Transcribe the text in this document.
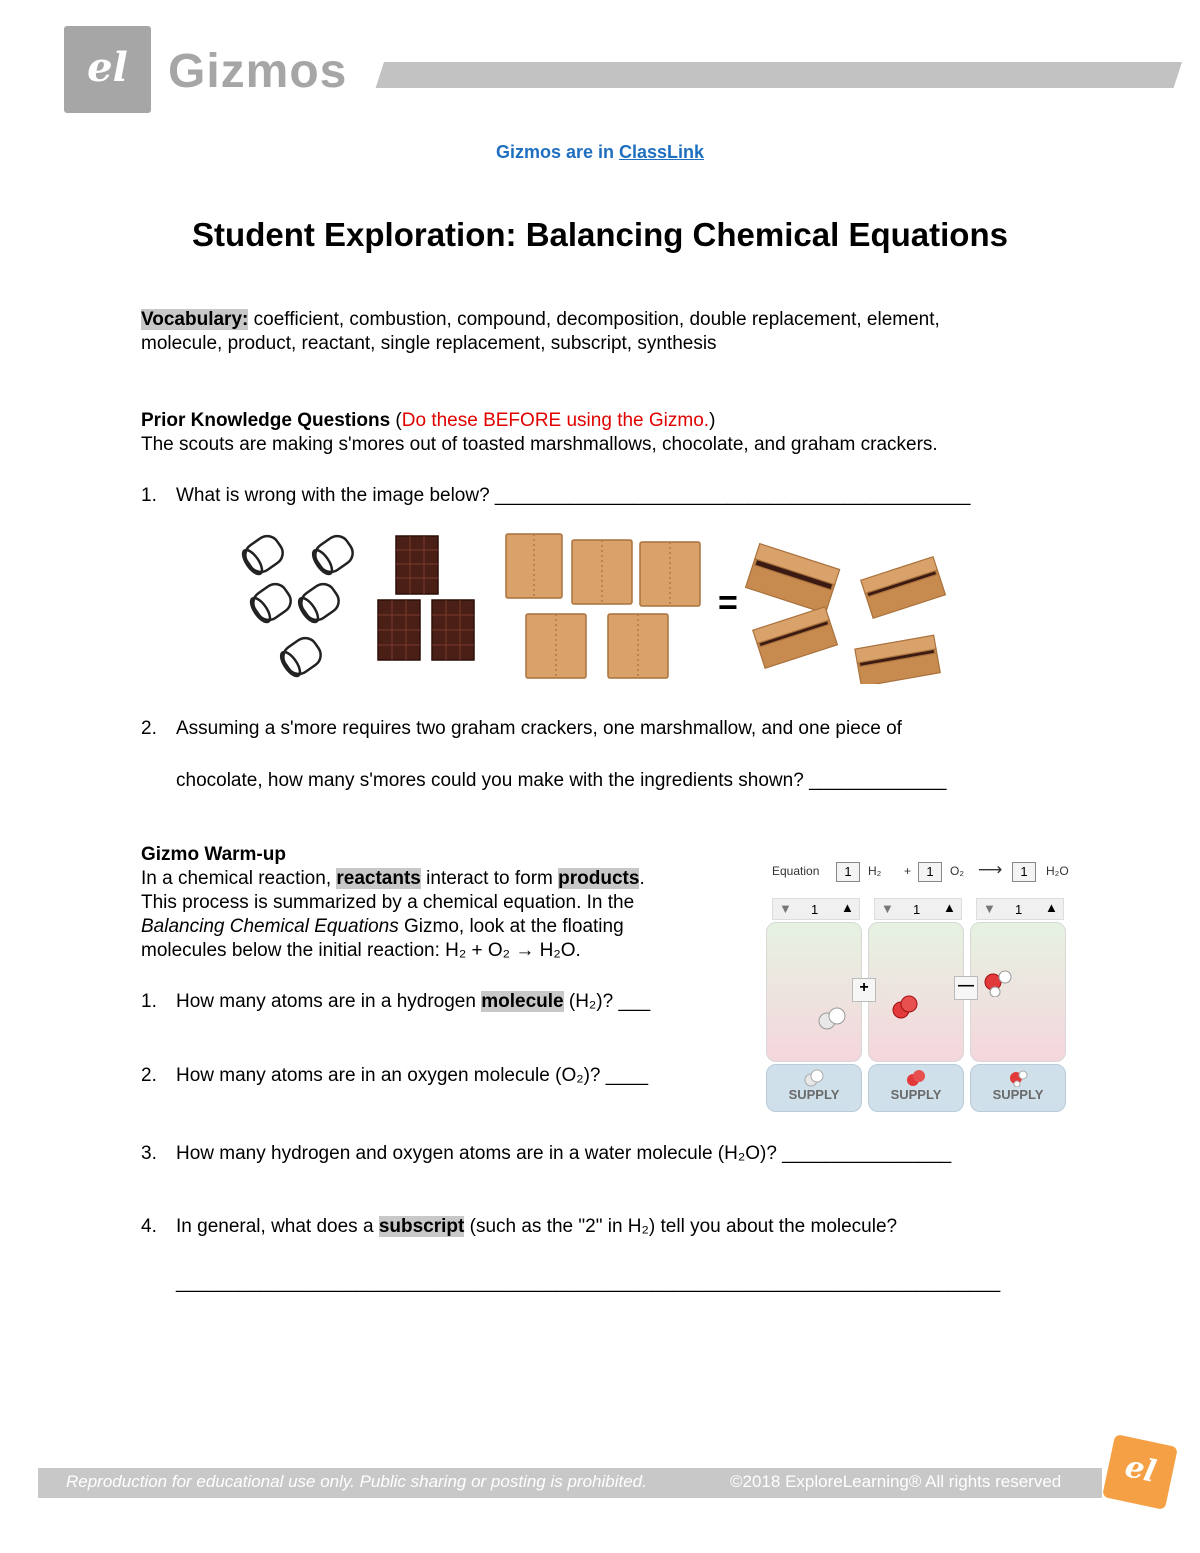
el Gizmos
Gizmos are in ClassLink
Student Exploration: Balancing Chemical Equations
Vocabulary: coefficient, combustion, compound, decomposition, double replacement, element,
molecule, product, reactant, single replacement, subscript, synthesis
Prior Knowledge Questions (Do these BEFORE using the Gizmo.)
The scouts are making s'mores out of toasted marshmallows, chocolate, and graham crackers.
1. What is wrong with the image below? _____________________________________________
=
2. Assuming a s'more requires two graham crackers, one marshmallow, and one piece of
chocolate, how many s'mores could you make with the ingredients shown? _____________
Gizmo Warm-up
In a chemical reaction, reactants interact to form products.
This process is summarized by a chemical equation. In the
Balancing Chemical Equations Gizmo, look at the floating
molecules below the initial reaction: H₂ + O₂ → H₂O.
1. How many atoms are in a hydrogen molecule (H₂)? ___
2. How many atoms are in an oxygen molecule (O₂)? ____
3. How many hydrogen and oxygen atoms are in a water molecule (H₂O)? ________________
4. In general, what does a subscript (such as the "2" in H₂) tell you about the molecule?
______________________________________________________________________________
Equation	1	H₂ +	1	O₂ ⟶	1	H₂O
▼ 1 ▲ ▼ 1 ▲ ▼ 1 ▲
+	—
SUPPLY	SUPPLY	SUPPLY
Reproduction for educational use only. Public sharing or posting is prohibited.	©2018 ExploreLearning® All rights reserved	el
